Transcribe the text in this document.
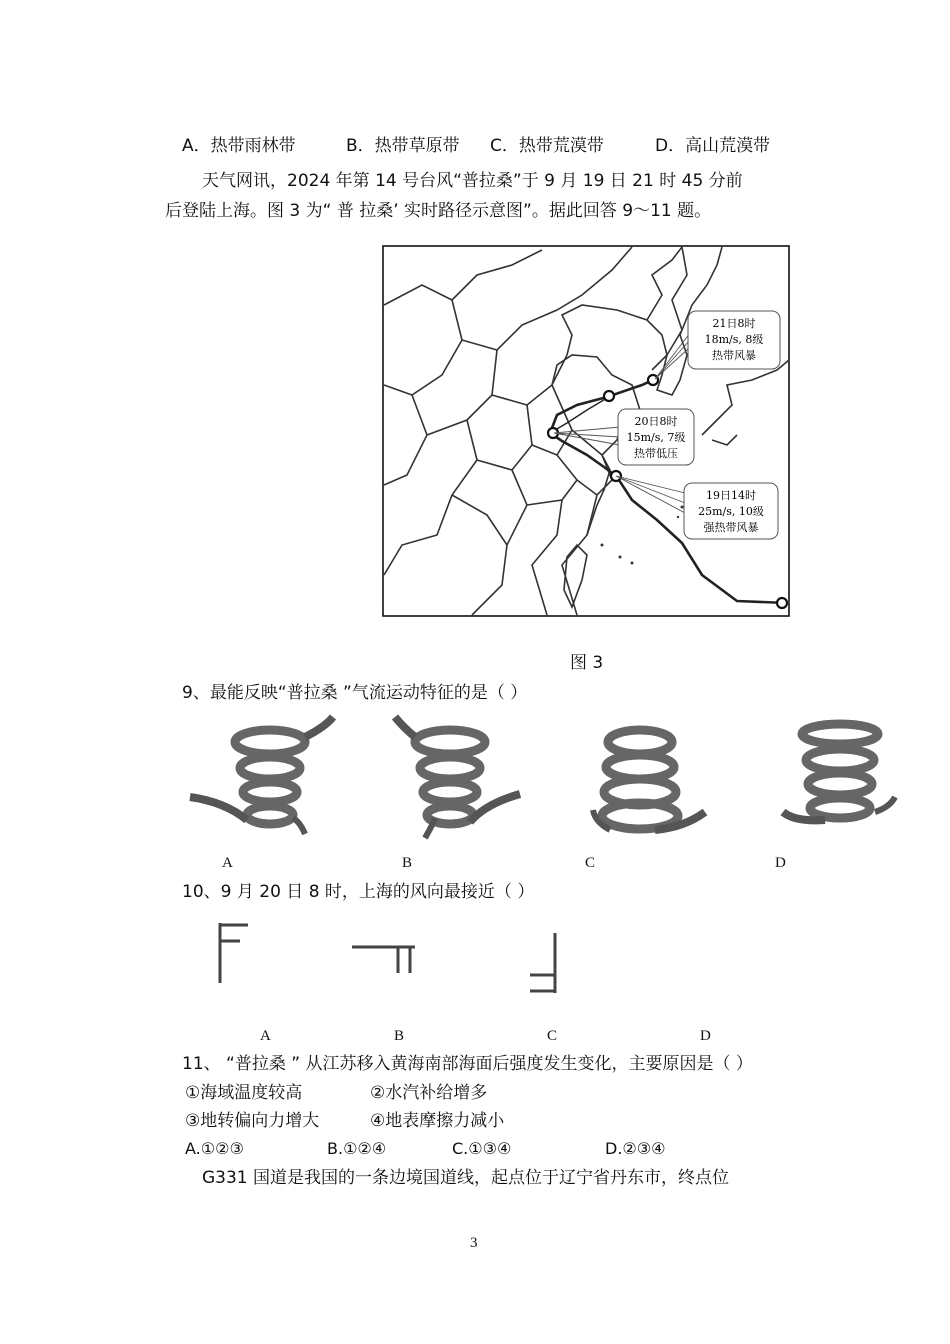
A．热带雨林带	B．热带草原带 C．热带荒漠带	D．高山荒漠带
天气网讯，2024 年第 14 号台风“普拉桑”于 9 月 19 日 21 时 45 分前
后登陆上海。图 3 为“ 普 拉桑’ 实时路径示意图”。据此回答 9～11 题。
21日8时
18m/s, 8级
热带风暴
20日8时
15m/s, 7级
热带低压
19日14时
25m/s, 10级
强热带风暴
图 3
9、最能反映“普拉桑 ”气流运动特征的是（ ）
A	B	C	D
10、9 月 20 日 8 时，上海的风向最接近（ ）
A	B	C	D
11、 “普拉桑 ” 从江苏移入黄海南部海面后强度发生变化，主要原因是（ ）
①海域温度较高	②水汽补给增多
③地转偏向力增大	④地表摩擦力减小
A.①②③	B.①②④	C.①③④	D.②③④
G331 国道是我国的一条边境国道线，起点位于辽宁省丹东市，终点位
3
